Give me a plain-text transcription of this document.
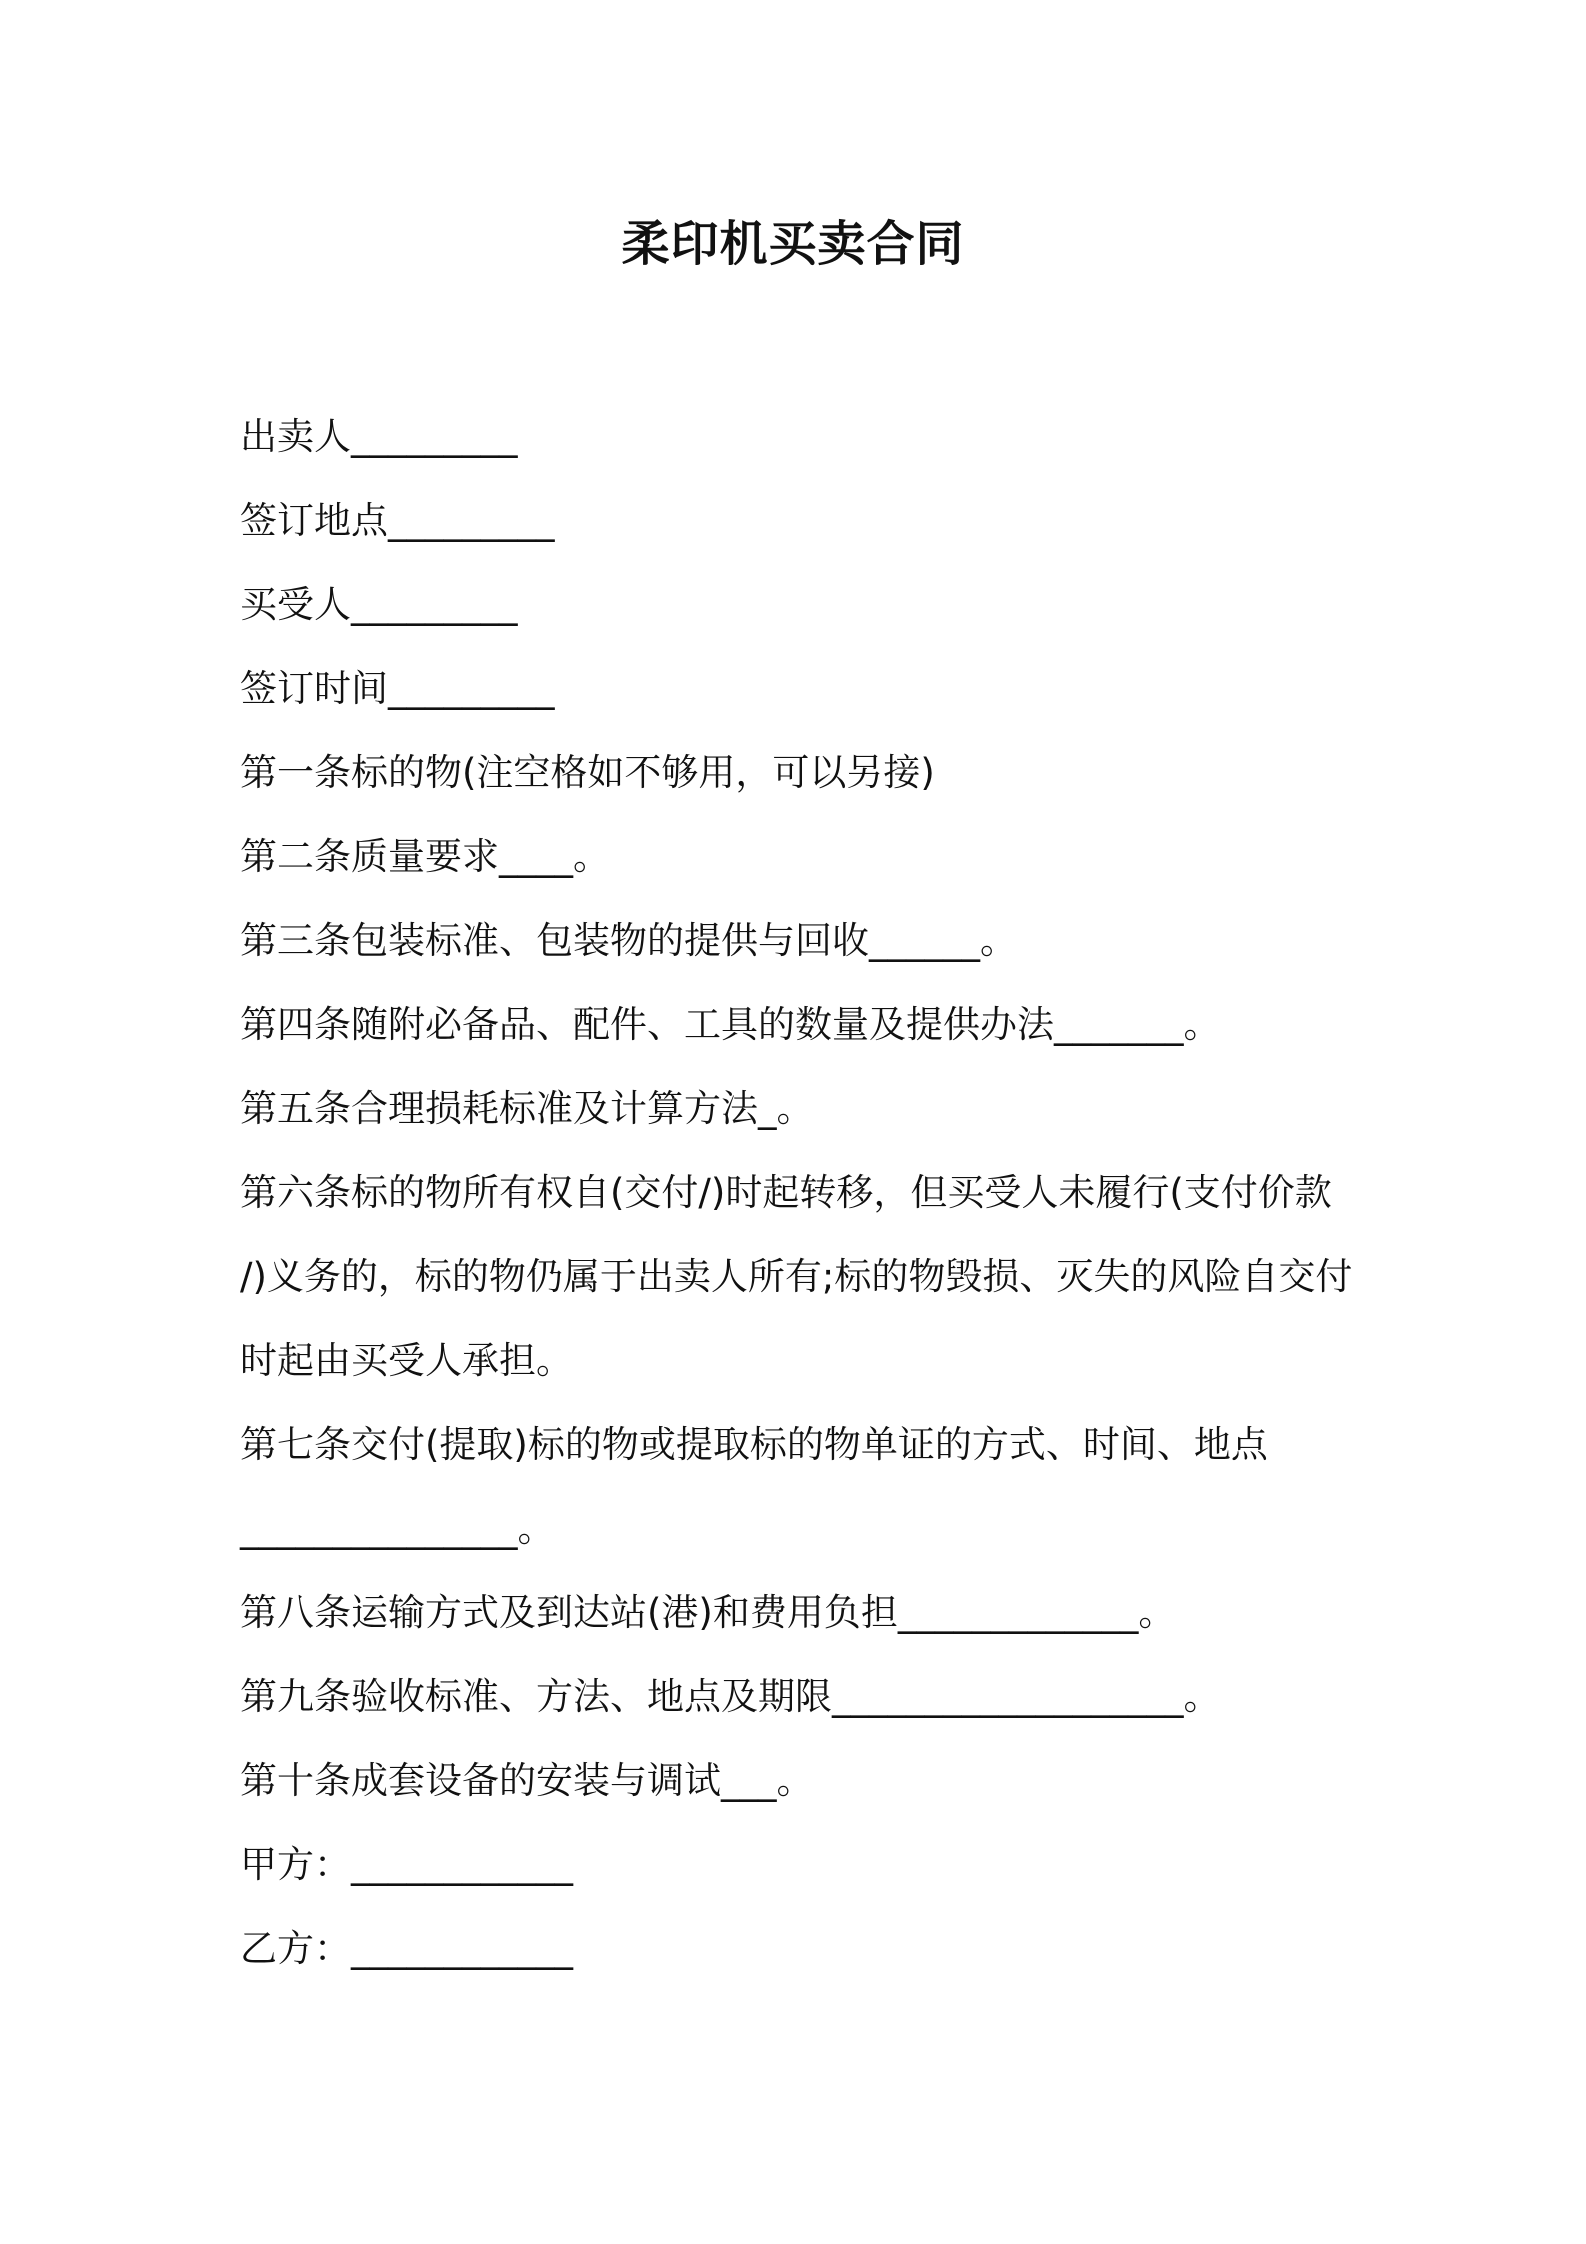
柔印机买卖合同
出卖人_________
签订地点_________
买受人_________
签订时间_________
第一条标的物(注空格如不够用，可以另接)
第二条质量要求____。
第三条包装标准、包装物的提供与回收______。
第四条随附必备品、配件、工具的数量及提供办法_______。
第五条合理损耗标准及计算方法_。
第六条标的物所有权自(交付/)时起转移，但买受人未履行(支付价款
/)义务的，标的物仍属于出卖人所有;标的物毁损、灭失的风险自交付
时起由买受人承担。
第七条交付(提取)标的物或提取标的物单证的方式、时间、地点
_______________。
第八条运输方式及到达站(港)和费用负担_____________。
第九条验收标准、方法、地点及期限___________________。
第十条成套设备的安装与调试___。
甲方：____________
乙方：____________
